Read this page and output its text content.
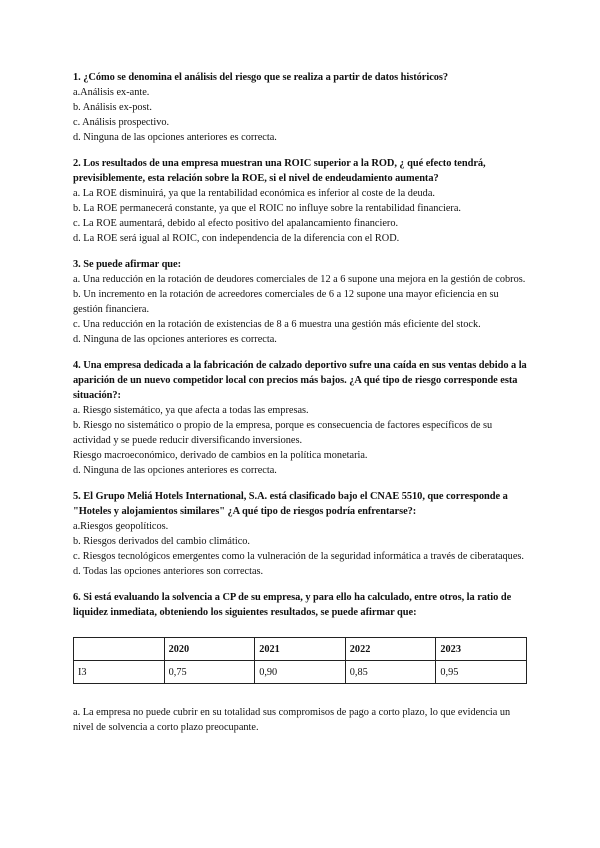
1. ¿Cómo se denomina el análisis del riesgo que se realiza a partir de datos históricos?

a.Análisis ex-ante.

b. Análisis ex-post.

c. Análisis prospectivo.

d. Ninguna de las opciones anteriores es correcta.

2. Los resultados de una empresa muestran una ROIC superior a la ROD, ¿ qué efecto tendrá, previsiblemente, esta relación sobre la ROE, si el nivel de endeudamiento aumenta?

a. La ROE disminuirá, ya que la rentabilidad económica es inferior al coste de la deuda.

b. La ROE permanecerá constante, ya que el ROIC no influye sobre la rentabilidad financiera.

c. La ROE aumentará, debido al efecto positivo del apalancamiento financiero.

d. La ROE será igual al ROIC, con independencia de la diferencia con el ROD.

3. Se puede afirmar que:

a. Una reducción en la rotación de deudores comerciales de 12 a 6 supone una mejora en la gestión de cobros.

b. Un incremento en la rotación de acreedores comerciales de 6 a 12 supone una mayor eficiencia en su gestión financiera.

c. Una reducción en la rotación de existencias de 8 a 6 muestra una gestión más eficiente del stock.

d. Ninguna de las opciones anteriores es correcta.

4. Una empresa dedicada a la fabricación de calzado deportivo sufre una caída en sus ventas debido a la aparición de un nuevo competidor local con precios más bajos. ¿A qué tipo de riesgo corresponde esta situación?:

a. Riesgo sistemático, ya que afecta a todas las empresas.

b. Riesgo no sistemático o propio de la empresa, porque es consecuencia de factores específicos de su actividad y se puede reducir diversificando inversiones.

Riesgo macroeconómico, derivado de cambios en la política monetaria.

d. Ninguna de las opciones anteriores es correcta.

5. El Grupo Meliá Hotels International, S.A. está clasificado bajo el CNAE 5510, que corresponde a "Hoteles y alojamientos similares" ¿A qué tipo de riesgos podría enfrentarse?:

a.Riesgos geopolíticos.

b. Riesgos derivados del cambio climático.

c. Riesgos tecnológicos emergentes como la vulneración de la seguridad informática a través de ciberataques.

d. Todas las opciones anteriores son correctas.

6. Si está evaluando la solvencia a CP de su empresa, y para ello ha calculado, entre otros, la ratio de liquidez inmediata, obteniendo los siguientes resultados, se puede afirmar que:

	2020	2021	2022	2023
I3	0,75	0,90	0,85	0,95

a. La empresa no puede cubrir en su totalidad sus compromisos de pago a corto plazo, lo que evidencia un nivel de solvencia a corto plazo preocupante.
